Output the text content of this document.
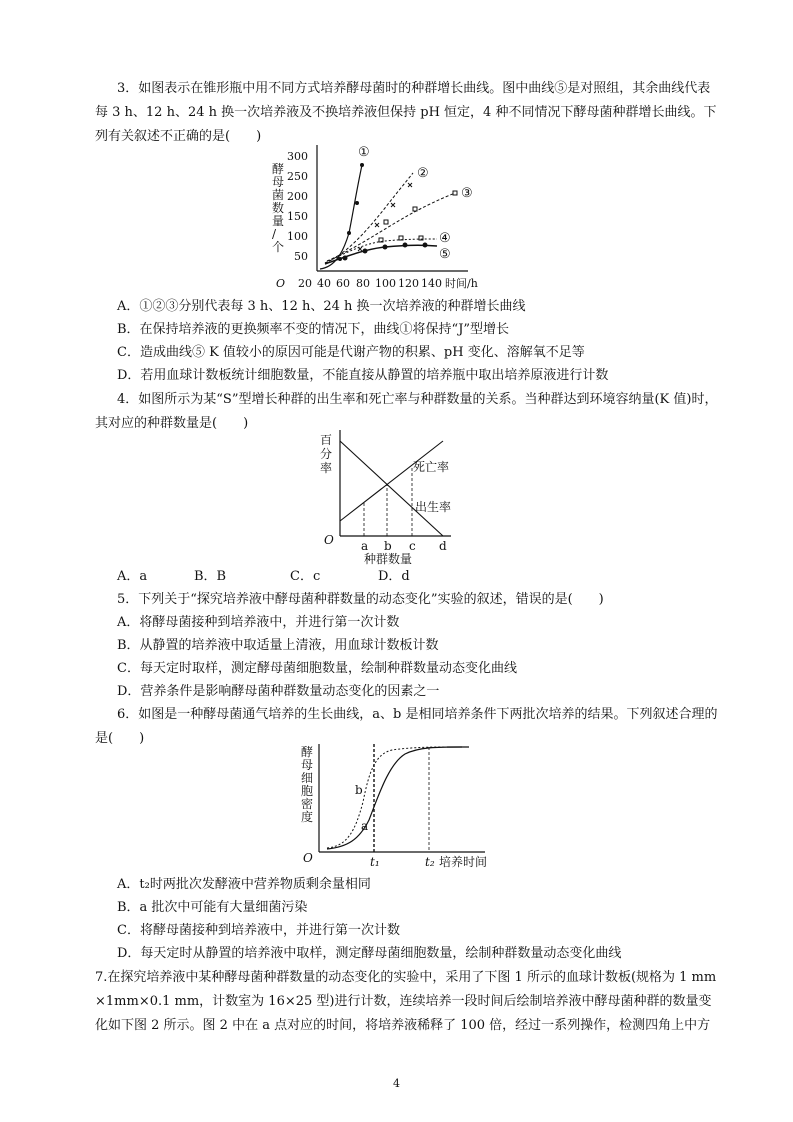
3．如图表示在锥形瓶中用不同方式培养酵母菌时的种群增长曲线。图中曲线⑤是对照组，其余曲线代表
每 3 h、12 h、24 h 换一次培养液及不换培养液但保持 pH 恒定，4 种不同情况下酵母菌种群增长曲线。下
列有关叙述不正确的是(　　)
酵母菌数量/个
300
250
200
150
100
50
O 20 40 60 80 100 120 140 时间/h
①
②
③
④
⑤
A．①②③分别代表每 3 h、12 h、24 h 换一次培养液的种群增长曲线
B．在保持培养液的更换频率不变的情况下，曲线①将保持“J”型增长
C．造成曲线⑤ K 值较小的原因可能是代谢产物的积累、pH 变化、溶解氧不足等
D．若用血球计数板统计细胞数量，不能直接从静置的培养瓶中取出培养原液进行计数
4．如图所示为某“S”型增长种群的出生率和死亡率与种群数量的关系。当种群达到环境容纳量(K 值)时，
其对应的种群数量是(　　)
百分率
O a b c d
种群数量
死亡率
出生率
A．a	B．B	C．c	D．d
5．下列关于“探究培养液中酵母菌种群数量的动态变化”实验的叙述，错误的是(　　)
A．将酵母菌接种到培养液中，并进行第一次计数
B．从静置的培养液中取适量上清液，用血球计数板计数
C．每天定时取样，测定酵母菌细胞数量，绘制种群数量动态变化曲线
D．营养条件是影响酵母菌种群数量动态变化的因素之一
6．如图是一种酵母菌通气培养的生长曲线，a、b 是相同培养条件下两批次培养的结果。下列叙述合理的
是(　　)
酵母细胞密度
O
b
a
t₁	t₂ 培养时间
A．t₂时两批次发酵液中营养物质剩余量相同
B．a 批次中可能有大量细菌污染
C．将酵母菌接种到培养液中，并进行第一次计数
D．每天定时从静置的培养液中取样，测定酵母菌细胞数量，绘制种群数量动态变化曲线
7.在探究培养液中某种酵母菌种群数量的动态变化的实验中，采用了下图 1 所示的血球计数板(规格为 1 mm
×1mm×0.1 mm，计数室为 16×25 型)进行计数，连续培养一段时间后绘制培养液中酵母菌种群的数量变
化如下图 2 所示。图 2 中在 a 点对应的时间，将培养液稀释了 100 倍，经过一系列操作，检测四角上中方
4
